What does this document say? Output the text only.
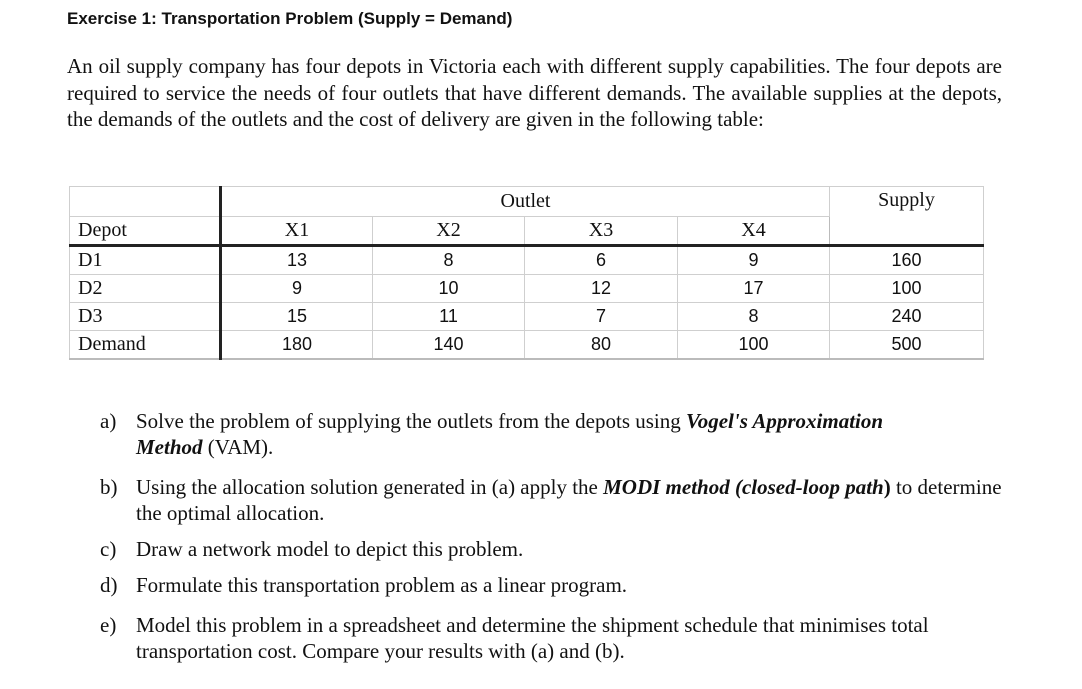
Exercise 1: Transportation Problem (Supply = Demand)

An oil supply company has four depots in Victoria each with different supply capabilities. The four depots are required to service the needs of four outlets that have different demands. The available supplies at the depots, the demands of the outlets and the cost of delivery are given in the following table:

	Outlet				Supply
Depot	X1	X2	X3	X4	
D1	13	8	6	9	160
D2	9	10	12	17	100
D3	15	11	7	8	240
Demand	180	140	80	100	500
a) Solve the problem of supplying the outlets from the depots using Vogel's Approximation
Method (VAM).
b) Using the allocation solution generated in (a) apply the MODI method (closed-loop path) to determine the optimal allocation.
c) Draw a network model to depict this problem.
d) Formulate this transportation problem as a linear program.
e) Model this problem in a spreadsheet and determine the shipment schedule that minimises total transportation cost. Compare your results with (a) and (b).
